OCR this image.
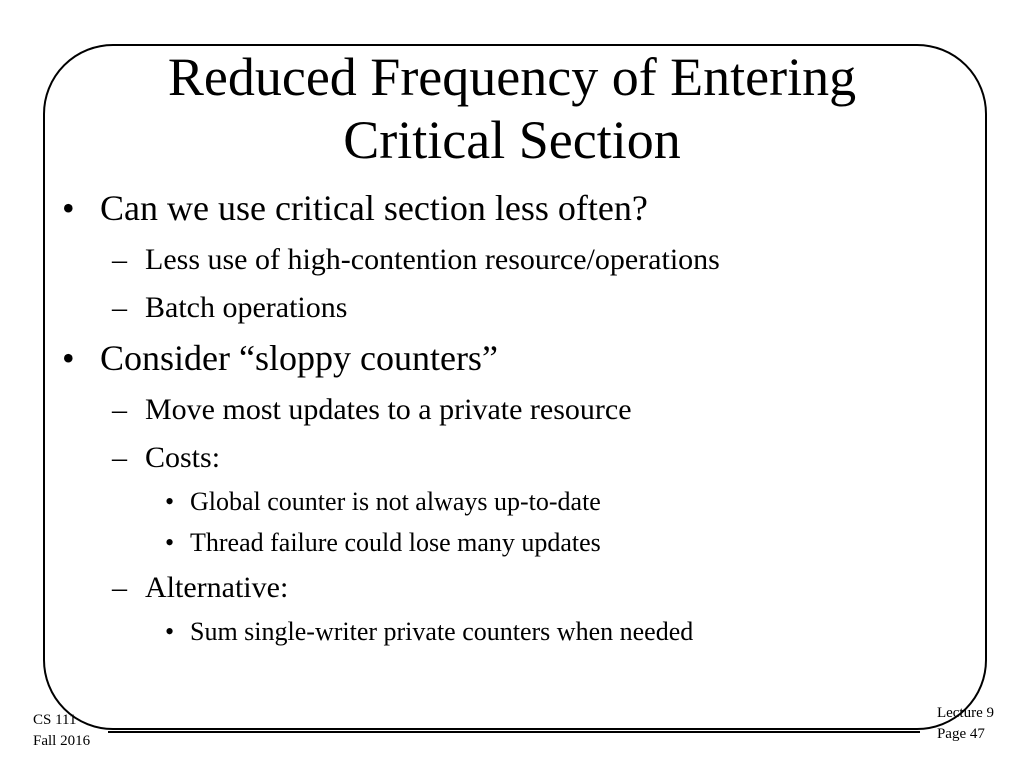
Reduced Frequency of Entering
Critical Section
• Can we use critical section less often?
– Less use of high-contention resource/operations
– Batch operations
• Consider “sloppy counters”
– Move most updates to a private resource
– Costs:
• Global counter is not always up-to-date
• Thread failure could lose many updates
– Alternative:
• Sum single-writer private counters when needed
CS 111
Fall 2016
Lecture 9
Page 47
